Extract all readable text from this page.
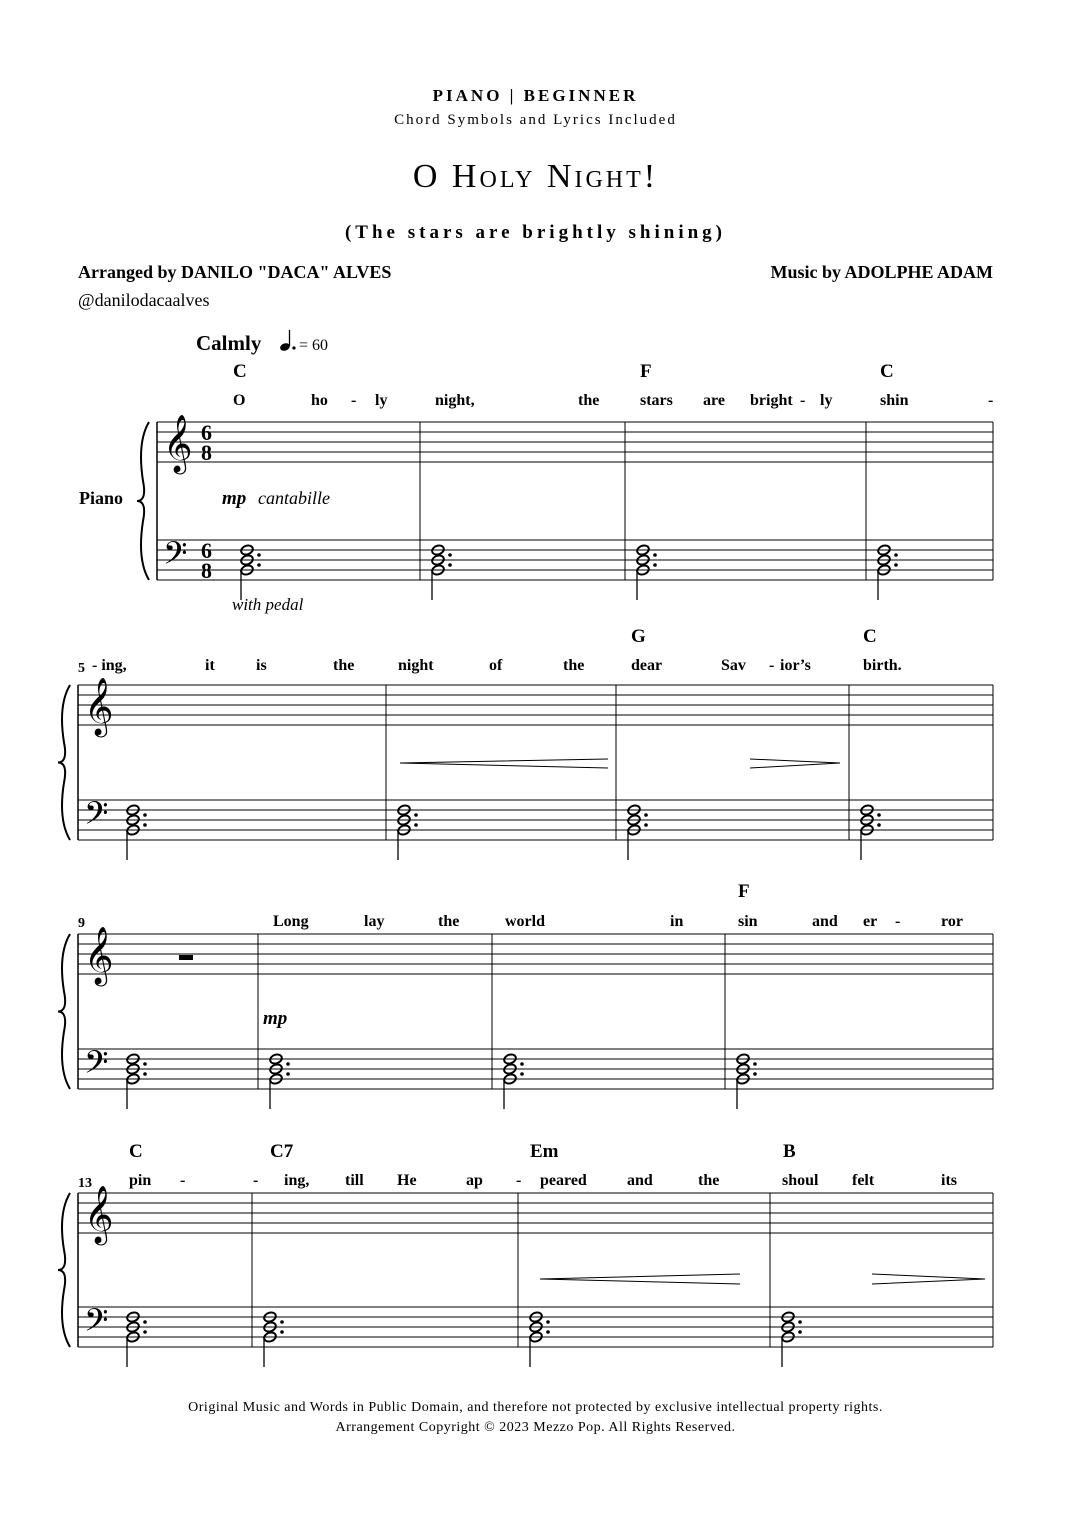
PIANO | BEGINNER
Chord Symbols and Lyrics Included
O Holy Night!
(The stars are brightly shining)
Arranged by DANILO "DACA" ALVES
@danilodacaalves
Music by ADOLPHE ADAM
Calmly = 60
Piano	mp cantabille
with pedal
mp
𝄞
𝄢
6
8
6
8
C	F	C
O	ho - ly	night,	the	stars are bright - ly	shin	-
𝄞
𝄢
5
G	C
- ing,	it	is	the	night	of	the	dear	Sav - ior’s	birth.
𝄞
𝄢
9
F
Long	lay	the	world	in	sin	and er -	ror
𝄞
𝄢
13
C	C7	Em	B
pin -	- ing, till He	ap - peared	and	the	shoul felt	its
Original Music and Words in Public Domain, and therefore not protected by exclusive intellectual property rights.
Arrangement Copyright © 2023 Mezzo Pop. All Rights Reserved.
